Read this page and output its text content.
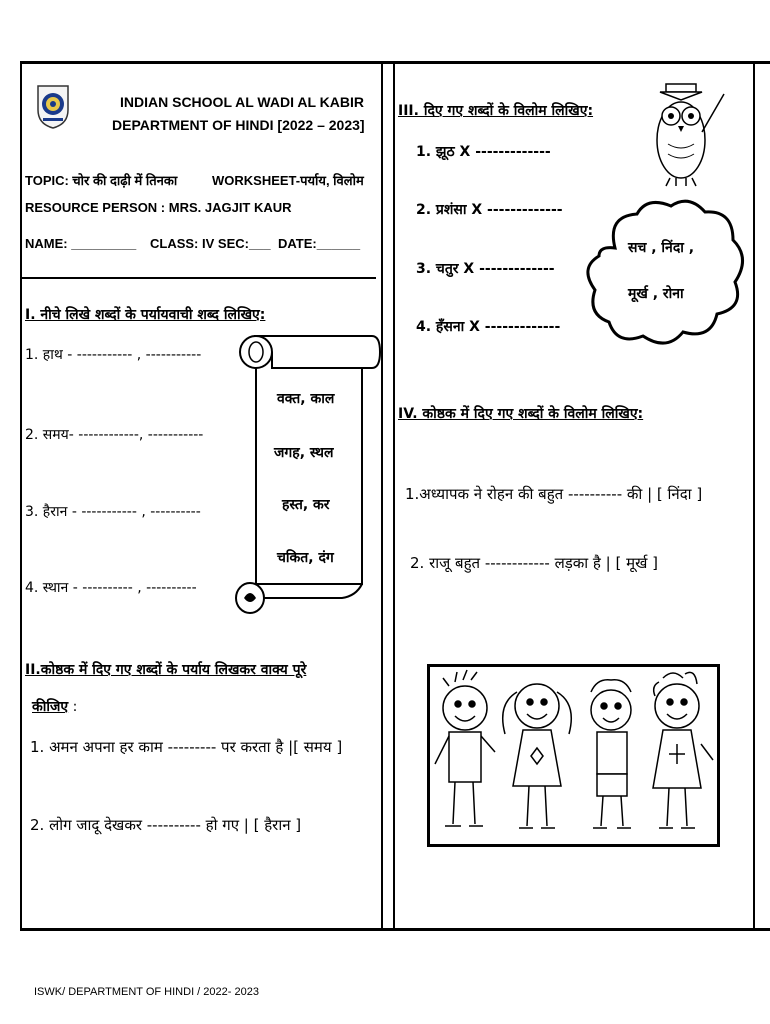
INDIAN SCHOOL AL WADI AL KABIR
DEPARTMENT OF HINDI [2022 – 2023]
TOPIC: चोर की दाढ़ी में तिनका	WORKSHEET-पर्याय, विलोम
RESOURCE PERSON : MRS. JAGJIT KAUR
NAME: _________ CLASS: IV SEC:___ DATE:______
I. नीचे लिखे शब्दों के पर्यायवाची शब्द लिखिए:
1. हाथ - ----------- , -----------
2. समय- ------------, -----------
3. हैरान - ----------- , ----------
4. स्थान - ---------- , ----------
वक्त, काल
जगह, स्थल
हस्त, कर
चकित, दंग
II.कोष्ठक में दिए गए शब्दों के पर्याय लिखकर वाक्य पूरे
कीजिए :
1. अमन अपना हर काम --------- पर करता है |[ समय ]
2. लोग जादू देखकर ---------- हो गए | [ हैरान ]
III. दिए गए शब्दों के विलोम लिखिए:
1. झूठ X -------------
2. प्रशंसा X -------------
3. चतुर X -------------
4. हँसना X -------------
सच , निंदा ,
मूर्ख , रोना
IV. कोष्ठक में दिए गए शब्दों के विलोम लिखिए:
1.अध्यापक ने रोहन की बहुत ---------- की | [ निंदा ]
2. राजू बहुत ------------ लड़का है | [ मूर्ख ]
ISWK/ DEPARTMENT OF HINDI / 2022- 2023
